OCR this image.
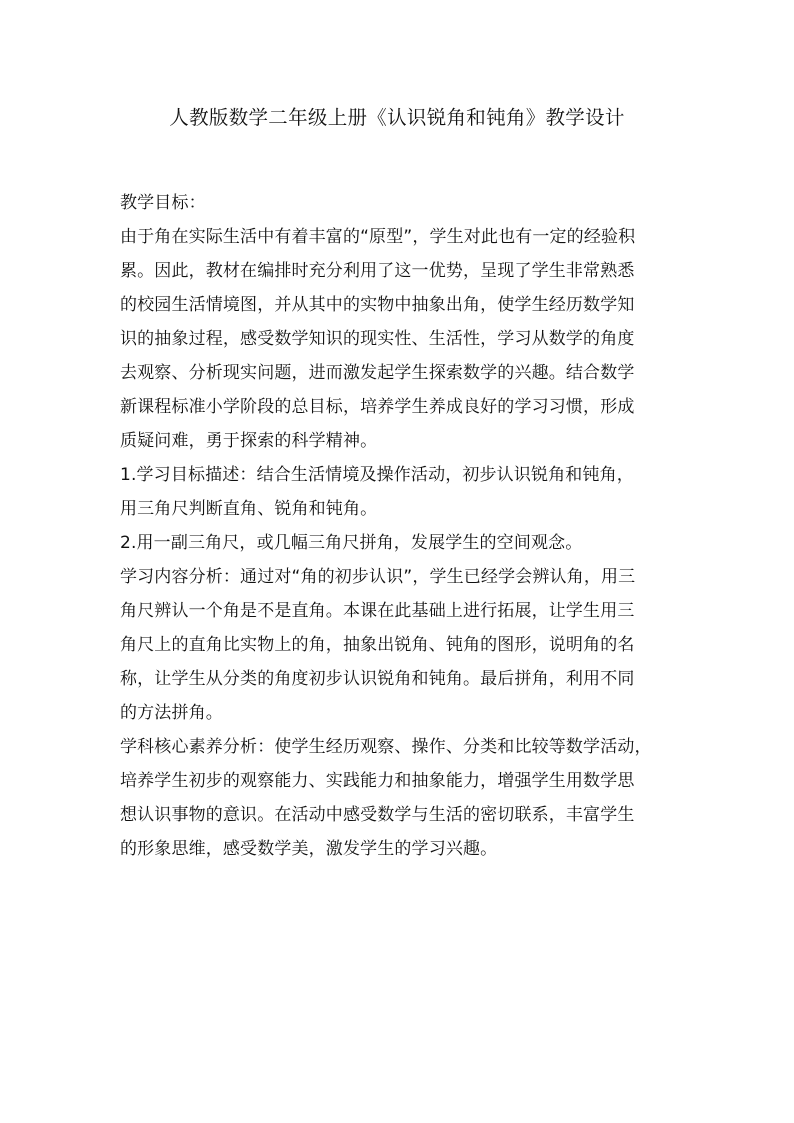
人教版数学二年级上册《认识锐角和钝角》教学设计
教学目标：
由于角在实际生活中有着丰富的“原型”，学生对此也有一定的经验积
累。因此，教材在编排时充分利用了这一优势，呈现了学生非常熟悉
的校园生活情境图，并从其中的实物中抽象出角，使学生经历数学知
识的抽象过程，感受数学知识的现实性、生活性，学习从数学的角度
去观察、分析现实问题，进而激发起学生探索数学的兴趣。结合数学
新课程标准小学阶段的总目标，培养学生养成良好的学习习惯，形成
质疑问难，勇于探索的科学精神。
1.学习目标描述：结合生活情境及操作活动，初步认识锐角和钝角，
用三角尺判断直角、锐角和钝角。
2.用一副三角尺，或几幅三角尺拼角，发展学生的空间观念。
学习内容分析：通过对“角的初步认识”，学生已经学会辨认角，用三
角尺辨认一个角是不是直角。本课在此基础上进行拓展，让学生用三
角尺上的直角比实物上的角，抽象出锐角、钝角的图形，说明角的名
称，让学生从分类的角度初步认识锐角和钝角。最后拼角，利用不同
的方法拼角。
学科核心素养分析：使学生经历观察、操作、分类和比较等数学活动，
培养学生初步的观察能力、实践能力和抽象能力，增强学生用数学思
想认识事物的意识。在活动中感受数学与生活的密切联系，丰富学生
的形象思维，感受数学美，激发学生的学习兴趣。
